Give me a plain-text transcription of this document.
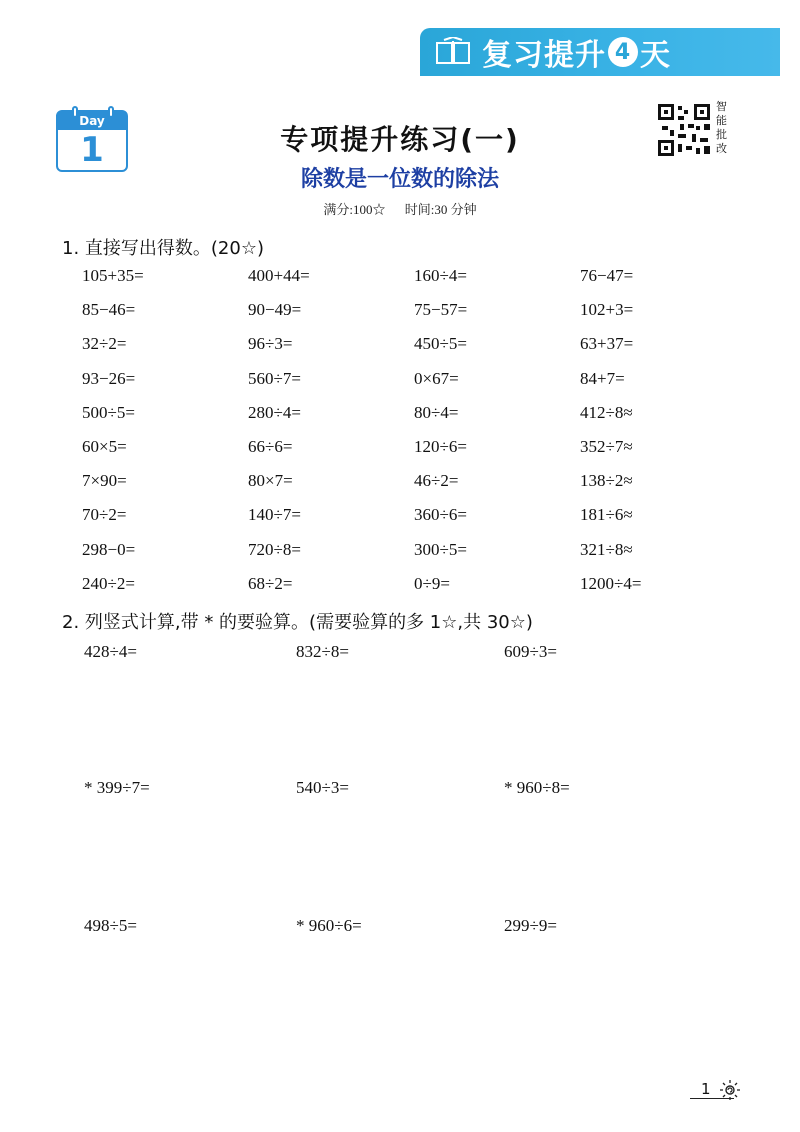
复习提升 4 天
Day
1	专项提升练习(一)
除数是一位数的除法
满分:100☆ 时间:30 分钟
智
能
批
改
1. 直接写出得数。(20☆)
105+35=	400+44=	160÷4=	76−47=
85−46=	90−49=	75−57=	102+3=
32÷2=	96÷3=	450÷5=	63+37=
93−26=	560÷7=	0×67=	84+7=
500÷5=	280÷4=	80÷4=	412÷8≈
60×5=	66÷6=	120÷6=	352÷7≈
7×90=	80×7=	46÷2=	138÷2≈
70÷2=	140÷7=	360÷6=	181÷6≈
298−0=	720÷8=	300÷5=	321÷8≈
240÷2=	68÷2=	0÷9=	1200÷4=
2. 列竖式计算,带 * 的要验算。(需要验算的多 1☆,共 30☆)
428÷4=	832÷8=	609÷3=
* 399÷7=	540÷3=	* 960÷8=
498÷5=	* 960÷6=	299÷9=
1
